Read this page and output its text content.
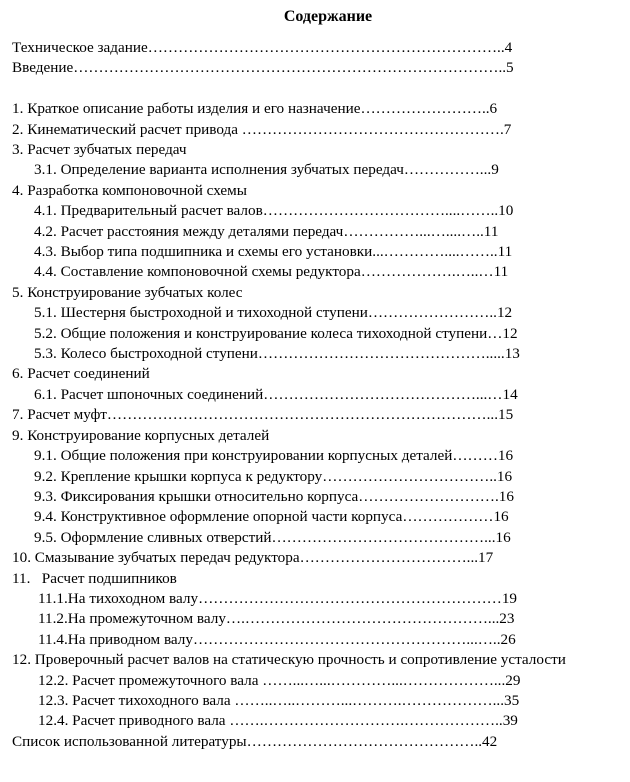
Содержание
Техническое задание……………………………………………………………..4
Введение…………………………………………………………………………..5
1. Краткое описание работы изделия и его назначение……………………..6
2. Кинематический расчет привода …………………………………………….7
3. Расчет зубчатых передач
3.1. Определение варианта исполнения зубчатых передач……………...9
4. Разработка компоновочной схемы
4.1. Предварительный расчет валов………………………………....……..10
4.2. Расчет расстояния между деталями передач……………...…....…..11
4.3. Выбор типа подшипника и схемы его установки...…………....……..11
4.4. Составление компоновочной схемы редуктора……………….…..…11
5. Конструирование зубчатых колес
5.1. Шестерня быстроходной и тихоходной ступени……………………..12
5.2. Общие положения и конструирование колеса тихоходной ступени…12
5.3. Колесо быстроходной ступени……………………………………….....13
6. Расчет соединений
6.1. Расчет шпоночных соединений……………………………………...…14
7. Расчет муфт…………………………………………………………………...15
9. Конструирование корпусных деталей
9.1. Общие положения при конструировании корпусных деталей………16
9.2. Крепление крышки корпуса к редуктору……………………………..16
9.3. Фиксирования крышки относительно корпуса……………………….16
9.4. Конструктивное оформление опорной части корпуса………………16
9.5. Оформление сливных отверстий……………………………………...16
10. Смазывание зубчатых передач редуктора……………………………...17
11.   Расчет подшипников
11.1.На тихоходном валу……………………………………………………19
11.2.На промежуточном валу….…………………………………………...23
11.4.На приводном валу………………………………………………...…..26
12. Проверочный расчет валов на статическую прочность и сопротивление усталости
12.2. Расчет промежуточного вала ……...…...…………...………………...29
12.3. Расчет тихоходного вала ……..…..………...……….………………...35
12.4. Расчет приводного вала …….……………………….………………..39
Список использованной литературы………………………………………..42
